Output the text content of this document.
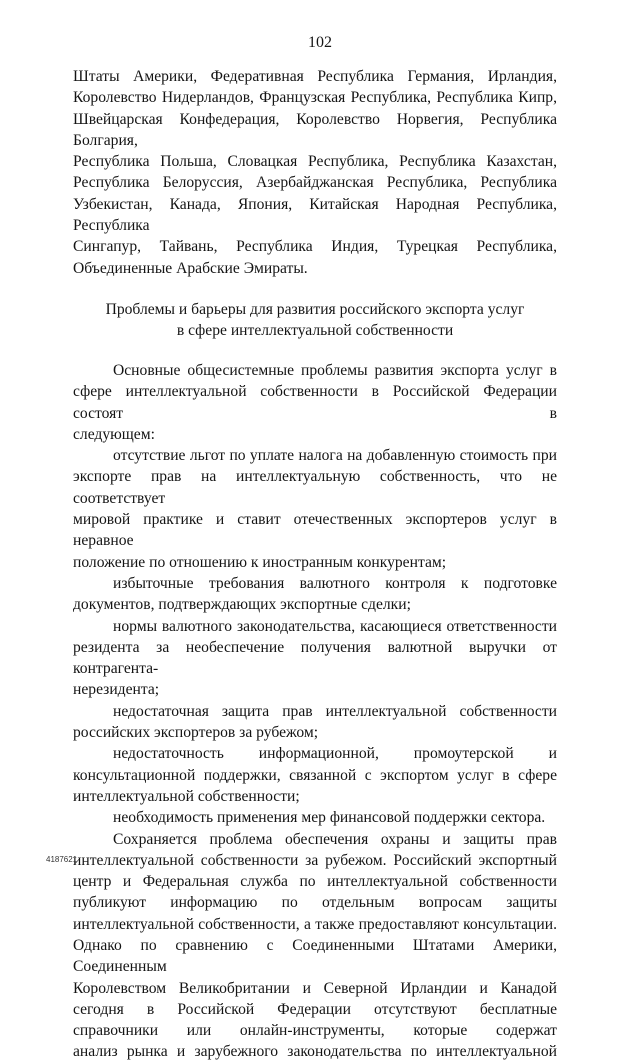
102

Штаты Америки, Федеративная Республика Германия, Ирландия,

Королевство Нидерландов, Французская Республика, Республика Кипр,

Швейцарская Конфедерация, Королевство Норвегия, Республика Болгария,

Республика Польша, Словацкая Республика, Республика Казахстан,

Республика Белоруссия, Азербайджанская Республика, Республика

Узбекистан, Канада, Япония, Китайская Народная Республика, Республика

Сингапур, Тайвань, Республика Индия, Турецкая Республика,

Объединенные Арабские Эмираты.

Проблемы и барьеры для развития российского экспорта услуг
в сфере интеллектуальной собственности

Основные общесистемные проблемы развития экспорта услуг в

сфере интеллектуальной собственности в Российской Федерации состоят в

следующем:

отсутствие льгот по уплате налога на добавленную стоимость при

экспорте прав на интеллектуальную собственность, что не соответствует

мировой практике и ставит отечественных экспортеров услуг в неравное

положение по отношению к иностранным конкурентам;

избыточные требования валютного контроля к подготовке

документов, подтверждающих экспортные сделки;

нормы валютного законодательства, касающиеся ответственности

резидента за необеспечение получения валютной выручки от контрагента-

нерезидента;

недостаточная защита прав интеллектуальной собственности

российских экспортеров за рубежом;

недостаточность информационной, промоутерской и

консультационной поддержки, связанной с экспортом услуг в сфере

интеллектуальной собственности;

необходимость применения мер финансовой поддержки сектора.

Сохраняется проблема обеспечения охраны и защиты прав

интеллектуальной собственности за рубежом. Российский экспортный

центр и Федеральная служба по интеллектуальной собственности

публикуют информацию по отдельным вопросам защиты

интеллектуальной собственности, а также предоставляют консультации.

Однако по сравнению с Соединенными Штатами Америки, Соединенным

Королевством Великобритании и Северной Ирландии и Канадой

сегодня в Российской Федерации отсутствуют бесплатные

справочники или онлайн-инструменты, которые содержат

анализ рынка и зарубежного законодательства по интеллектуальной

4187621
